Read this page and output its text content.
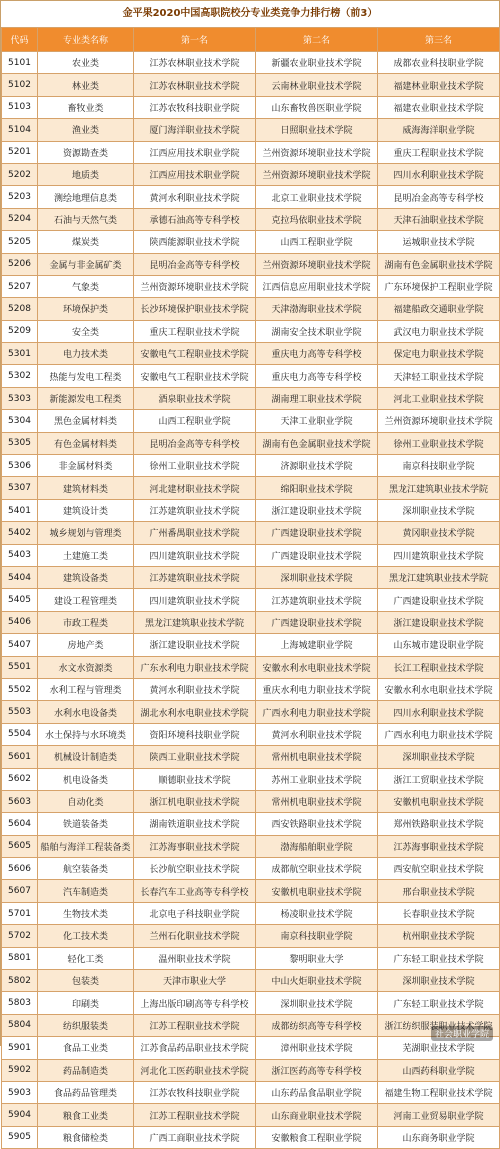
金平果2020中国高职院校分专业类竞争力排行榜（前3）
代码	专业类名称	第一名	第二名	第三名
5101	农业类	江苏农林职业技术学院	新疆农业职业技术学院	成都农业科技职业学院
5102	林业类	江苏农林职业技术学院	云南林业职业技术学院	福建林业职业技术学院
5103	畜牧业类	江苏农牧科技职业学院	山东畜牧兽医职业学院	福建农业职业技术学院
5104	渔业类	厦门海洋职业技术学院	日照职业技术学院	威海海洋职业学院
5201	资源勘查类	江西应用技术职业学院	兰州资源环境职业技术学院	重庆工程职业技术学院
5202	地质类	江西应用技术职业学院	兰州资源环境职业技术学院	四川水利职业技术学院
5203	测绘地理信息类	黄河水利职业技术学院	北京工业职业技术学院	昆明冶金高等专科学校
5204	石油与天然气类	承德石油高等专科学校	克拉玛依职业技术学院	天津石油职业技术学院
5205	煤炭类	陕西能源职业技术学院	山西工程职业学院	运城职业技术学院
5206	金属与非金属矿类	昆明冶金高等专科学校	兰州资源环境职业技术学院	湖南有色金属职业技术学院
5207	气象类	兰州资源环境职业技术学院	江西信息应用职业技术学院	广东环境保护工程职业学院
5208	环境保护类	长沙环境保护职业技术学院	天津渤海职业技术学院	福建船政交通职业学院
5209	安全类	重庆工程职业技术学院	湖南安全技术职业学院	武汉电力职业技术学院
5301	电力技术类	安徽电气工程职业技术学院	重庆电力高等专科学校	保定电力职业技术学院
5302	热能与发电工程类	安徽电气工程职业技术学院	重庆电力高等专科学校	天津轻工职业技术学院
5303	新能源发电工程类	酒泉职业技术学院	湖南理工职业技术学院	河北工业职业技术学院
5304	黑色金属材料类	山西工程职业学院	天津工业职业学院	兰州资源环境职业技术学院
5305	有色金属材料类	昆明冶金高等专科学校	湖南有色金属职业技术学院	徐州工业职业技术学院
5306	非金属材料类	徐州工业职业技术学院	济源职业技术学院	南京科技职业学院
5307	建筑材料类	河北建材职业技术学院	绵阳职业技术学院	黑龙江建筑职业技术学院
5401	建筑设计类	江苏建筑职业技术学院	浙江建设职业技术学院	深圳职业技术学院
5402	城乡规划与管理类	广州番禺职业技术学院	广西建设职业技术学院	黄冈职业技术学院
5403	土建施工类	四川建筑职业技术学院	广西建设职业技术学院	四川建筑职业技术学院
5404	建筑设备类	江苏建筑职业技术学院	深圳职业技术学院	黑龙江建筑职业技术学院
5405	建设工程管理类	四川建筑职业技术学院	江苏建筑职业技术学院	广西建设职业技术学院
5406	市政工程类	黑龙江建筑职业技术学院	广西建设职业技术学院	浙江建设职业技术学院
5407	房地产类	浙江建设职业技术学院	上海城建职业学院	山东城市建设职业学院
5501	水文水资源类	广东水利电力职业技术学院	安徽水利水电职业技术学院	长江工程职业技术学院
5502	水利工程与管理类	黄河水利职业技术学院	重庆水利电力职业技术学院	安徽水利水电职业技术学院
5503	水利水电设备类	湖北水利水电职业技术学院	广西水利电力职业技术学院	四川水利职业技术学院
5504	水土保持与水环境类	资阳环境科技职业学院	黄河水利职业技术学院	广西水利电力职业技术学院
5601	机械设计制造类	陕西工业职业技术学院	常州机电职业技术学院	深圳职业技术学院
5602	机电设备类	顺德职业技术学院	苏州工业职业技术学院	浙江工贸职业技术学院
5603	自动化类	浙江机电职业技术学院	常州机电职业技术学院	安徽机电职业技术学院
5604	铁道装备类	湖南铁道职业技术学院	西安铁路职业技术学院	郑州铁路职业技术学院
5605	船舶与海洋工程装备类	江苏海事职业技术学院	渤海船舶职业学院	江苏海事职业技术学院
5606	航空装备类	长沙航空职业技术学院	成都航空职业技术学院	西安航空职业技术学院
5607	汽车制造类	长春汽车工业高等专科学校	安徽机电职业技术学院	邢台职业技术学院
5701	生物技术类	北京电子科技职业学院	杨凌职业技术学院	长春职业技术学院
5702	化工技术类	兰州石化职业技术学院	南京科技职业学院	杭州职业技术学院
5801	轻化工类	温州职业技术学院	黎明职业大学	广东轻工职业技术学院
5802	包装类	天津市职业大学	中山火炬职业技术学院	深圳职业技术学院
5803	印刷类	上海出版印刷高等专科学校	深圳职业技术学院	广东轻工职业技术学院
5804	纺织服装类	江苏工程职业技术学院	成都纺织高等专科学校	浙江纺织服装职业技术学院
5901	食品工业类	江苏食品药品职业技术学院	漳州职业技术学院	芜湖职业技术学院
5902	药品制造类	河北化工医药职业技术学院	浙江医药高等专科学校	山西药科职业学院
5903	食品药品管理类	江苏农牧科技职业学院	山东药品食品职业学院	福建生物工程职业技术学院
5904	粮食工业类	江苏工程职业技术学院	山东商业职业技术学院	河南工业贸易职业学院
5905	粮食储检类	广西工商职业技术学院	安徽粮食工程职业学院	山东商务职业学院
社会职业学院
